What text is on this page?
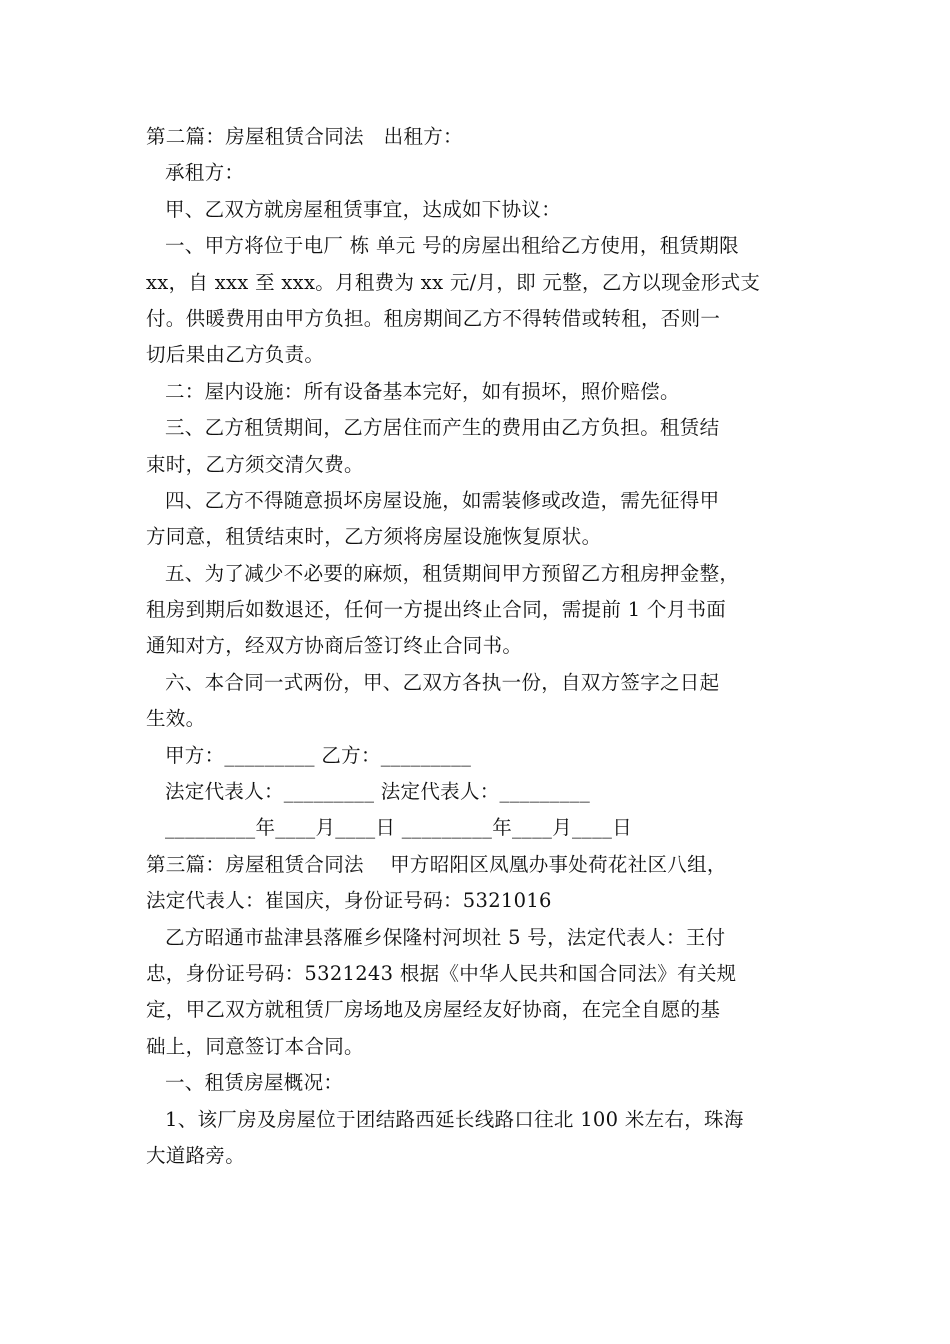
第二篇：房屋租赁合同法　出租方：
承租方：
甲、乙双方就房屋租赁事宜，达成如下协议：
一、甲方将位于电厂 栋 单元 号的房屋出租给乙方使用，租赁期限
xx，自 xxx 至 xxx。月租费为 xx 元/月，即 元整，乙方以现金形式支
付。供暖费用由甲方负担。租房期间乙方不得转借或转租，否则一
切后果由乙方负责。
二：屋内设施：所有设备基本完好，如有损坏，照价赔偿。
三、乙方租赁期间，乙方居住而产生的费用由乙方负担。租赁结
束时，乙方须交清欠费。
四、乙方不得随意损坏房屋设施，如需装修或改造，需先征得甲
方同意，租赁结束时，乙方须将房屋设施恢复原状。
五、为了减少不必要的麻烦，租赁期间甲方预留乙方租房押金整，
租房到期后如数退还，任何一方提出终止合同，需提前 1 个月书面
通知对方，经双方协商后签订终止合同书。
六、本合同一式两份，甲、乙双方各执一份，自双方签字之日起
生效。
甲方：_________ 乙方：_________
法定代表人：_________ 法定代表人：_________
_________年____月____日 _________年____月____日
第三篇：房屋租赁合同法　 甲方昭阳区凤凰办事处荷花社区八组，
法定代表人：崔国庆，身份证号码：5321016
乙方昭通市盐津县落雁乡保隆村河坝社 5 号，法定代表人：王付
忠，身份证号码：5321243 根据《中华人民共和国合同法》有关规
定，甲乙双方就租赁厂房场地及房屋经友好协商，在完全自愿的基
础上，同意签订本合同。
一、租赁房屋概况：
1、该厂房及房屋位于团结路西延长线路口往北 100 米左右，珠海
大道路旁。
